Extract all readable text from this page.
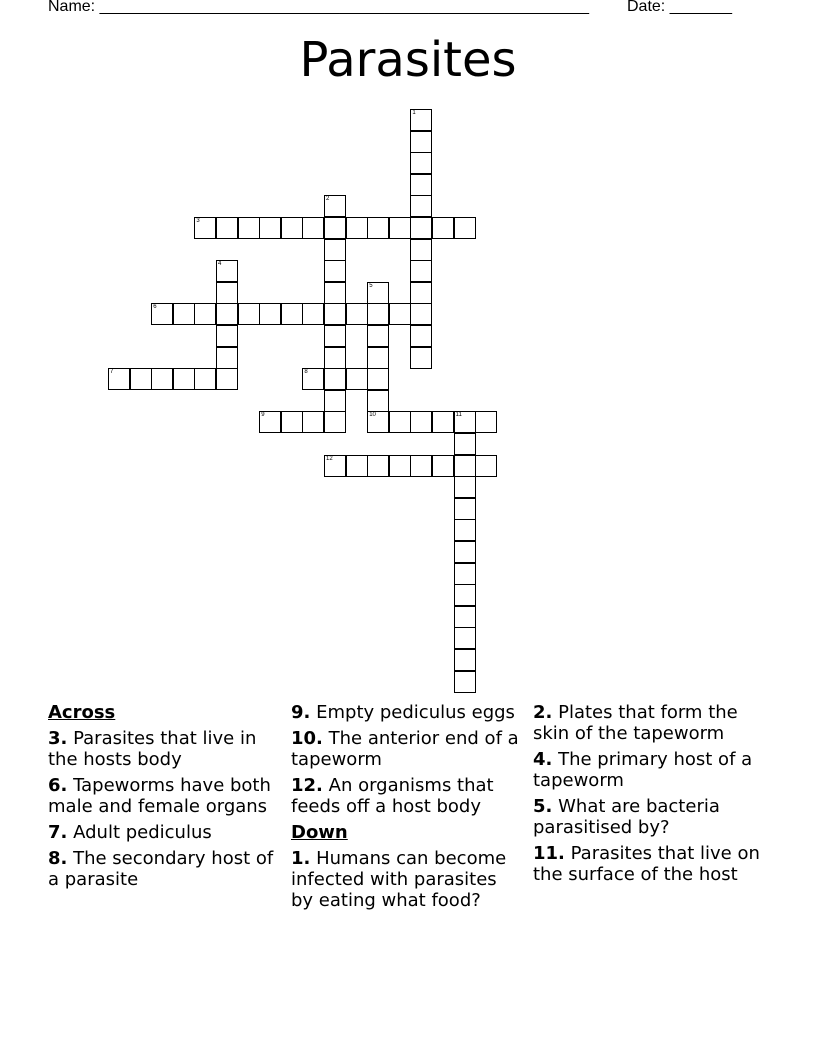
Name: _______________________________________________________ Date: _______
Parasites
3
6
7	8
9	10	11
12
1
2
4
5
Across
3. Parasites that live in the hosts body
6. Tapeworms have both male and female organs
7. Adult pediculus
8. The secondary host of a parasite
9. Empty pediculus eggs
10. The anterior end of a tapeworm
12. An organisms that feeds off a host body
Down
1. Humans can become infected with parasites by eating what food?
2. Plates that form the skin of the tapeworm
4. The primary host of a tapeworm
5. What are bacteria parasitised by?
11. Parasites that live on the surface of the host
